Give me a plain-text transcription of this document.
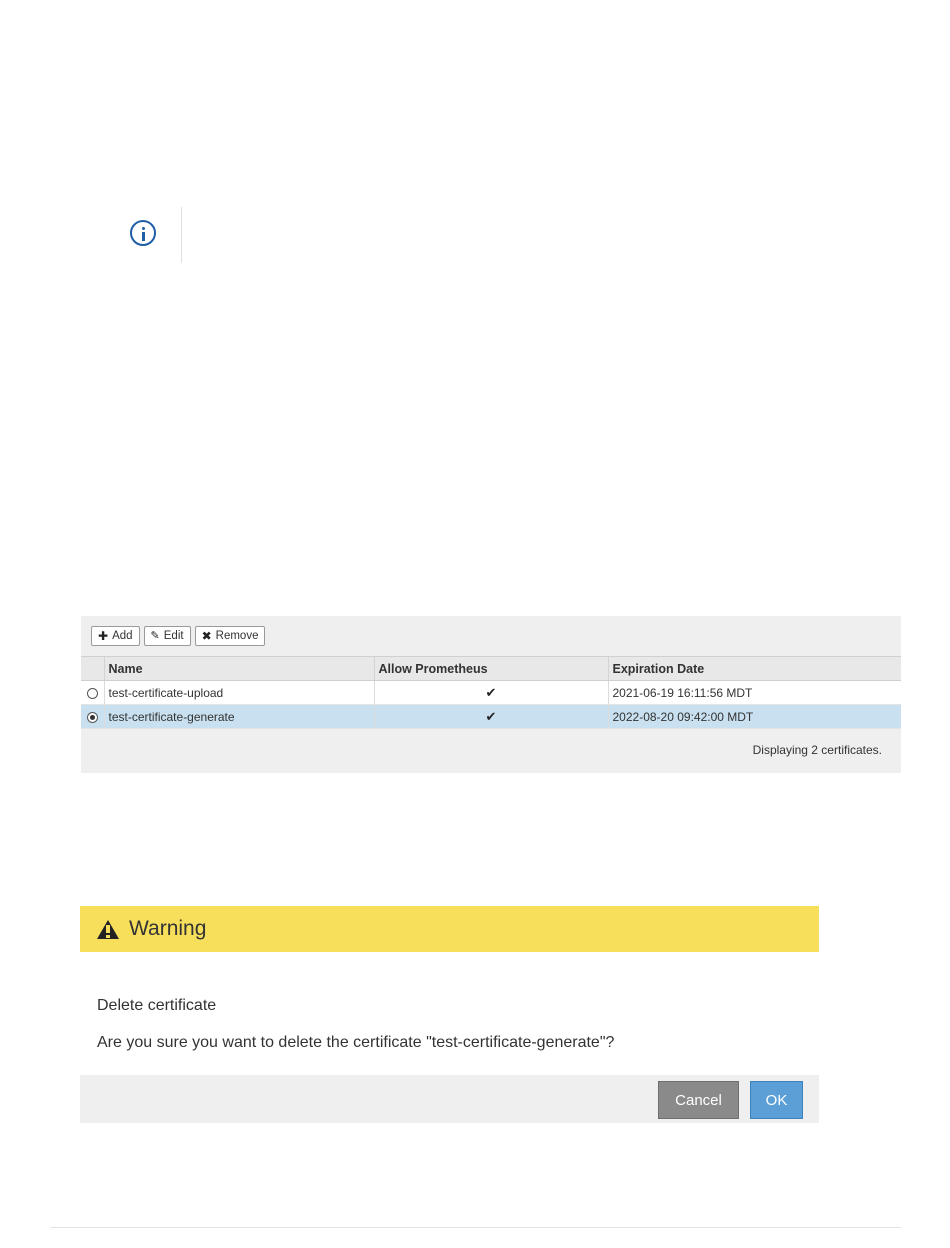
✚ Add ✎ Edit ✖ Remove
	Name	Allow Prometheus	Expiration Date
	test-certificate-upload	✔	2021-06-19 16:11:56 MDT
	test-certificate-generate	✔	2022-08-20 09:42:00 MDT
Displaying 2 certificates.
Warning
Delete certificate
Are you sure you want to delete the certificate "test-certificate-generate"?
Cancel	OK
